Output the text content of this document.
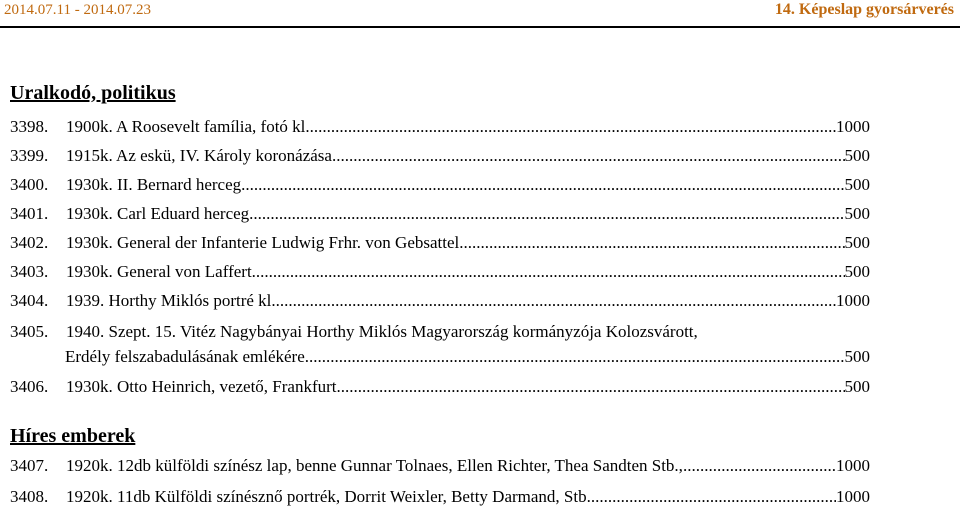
2014.07.11 - 2014.07.23	14. Képeslap gyorsárverés
Uralkodó, politikus
3398.	1900k. A Roosevelt família, fotó kl. .....	1000
3399.	1915k. Az eskü, IV. Károly koronázása .....	500
3400.	1930k. II. Bernard herceg .....	500
3401.	1930k. Carl Eduard herceg .....	500
3402.	1930k. General der Infanterie Ludwig Frhr. von Gebsattel .....	500
3403.	1930k. General von Laffert .....	500
3404.	1939. Horthy Miklós portré kl. .....	1000
3405.	1940. Szept. 15. Vitéz Nagybányai Horthy Miklós Magyarország kormányzója Kolozsvárott,
Erdély felszabadulásának emlékére .....	500
3406.	1930k. Otto Heinrich, vezető, Frankfurt .....	500
Híres emberek
3407.	1920k. 12db külföldi színész lap, benne Gunnar Tolnaes, Ellen Richter, Thea Sandten Stb., .....	1000
3408.	1920k. 11db Külföldi színésznő portrék, Dorrit Weixler, Betty Darmand, Stb. .....	1000
